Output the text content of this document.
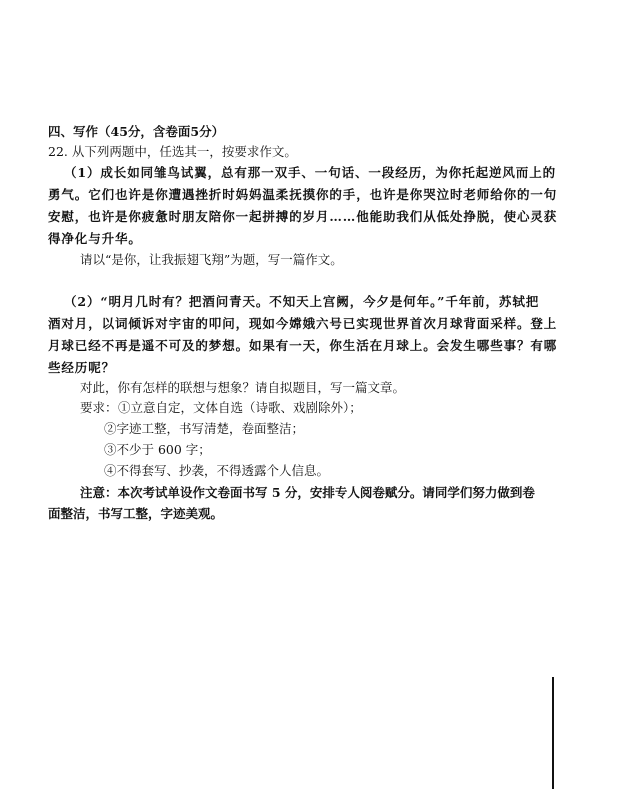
四、写作（45分，含卷面5分）
22. 从下列两题中，任选其一，按要求作文。
（1）成长如同雏鸟试翼，总有那一双手、一句话、一段经历，为你托起逆风而上的
勇气。它们也许是你遭遇挫折时妈妈温柔抚摸你的手，也许是你哭泣时老师给你的一句
安慰，也许是你疲惫时朋友陪你一起拼搏的岁月……他能助我们从低处挣脱，使心灵获
得净化与升华。
请以“是你，让我振翅飞翔”为题，写一篇作文。
（2）“明月几时有？把酒问青天。不知天上宫阙，今夕是何年。”千年前，苏轼把
酒对月，以词倾诉对宇宙的叩问，现如今嫦娥六号已实现世界首次月球背面采样。登上
月球已经不再是遥不可及的梦想。如果有一天，你生活在月球上。会发生哪些事？有哪
些经历呢？
对此，你有怎样的联想与想象？请自拟题目，写一篇文章。
要求： ①立意自定，文体自选（诗歌、戏剧除外）；
②字迹工整，书写清楚，卷面整洁；
③不少于 600 字；
④不得套写、抄袭，不得透露个人信息。
注意：本次考试单设作文卷面书写 5 分，安排专人阅卷赋分。请同学们努力做到卷
面整洁，书写工整，字迹美观。
